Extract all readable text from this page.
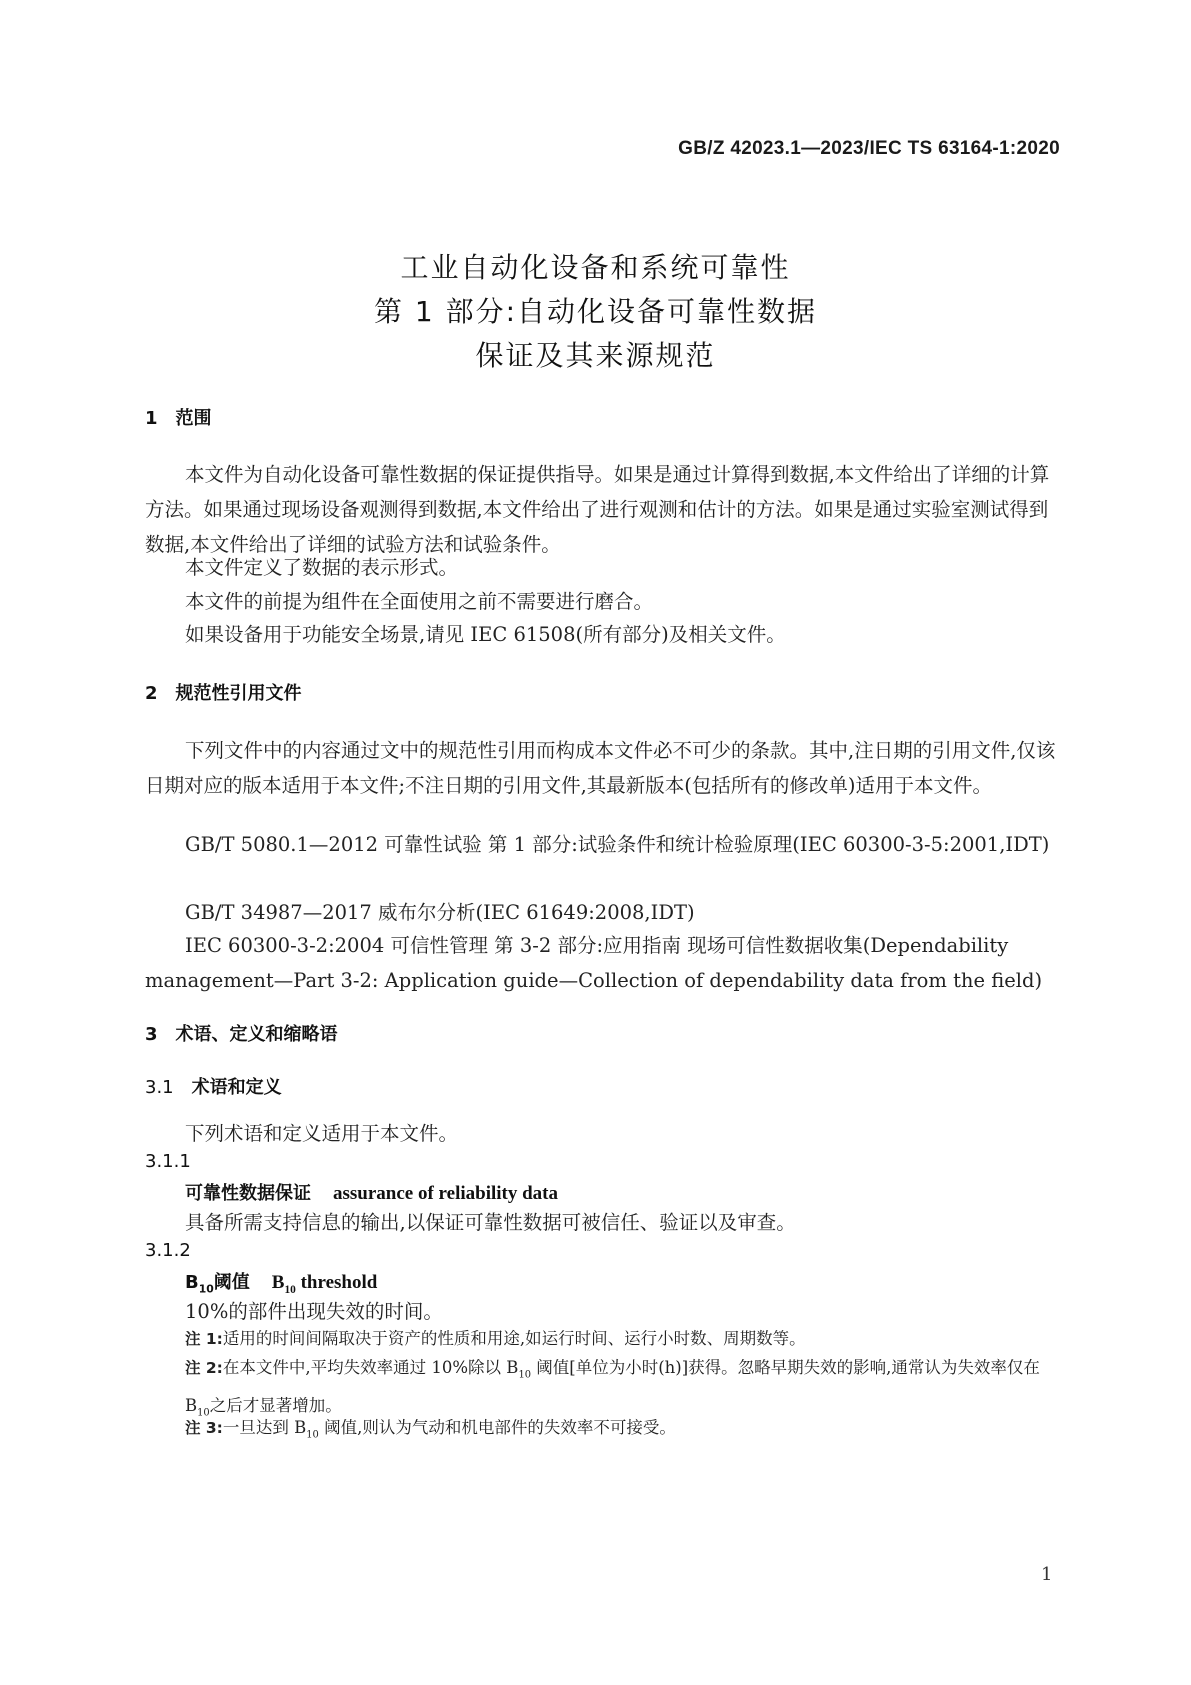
GB/Z 42023.1—2023/IEC TS 63164-1:2020
工业自动化设备和系统可靠性
第 1 部分:自动化设备可靠性数据
保证及其来源规范
1 范围
本文件为自动化设备可靠性数据的保证提供指导。如果是通过计算得到数据,本文件给出了详细的计算方法。如果通过现场设备观测得到数据,本文件给出了进行观测和估计的方法。如果是通过实验室测试得到数据,本文件给出了详细的试验方法和试验条件。
本文件定义了数据的表示形式。
本文件的前提为组件在全面使用之前不需要进行磨合。
如果设备用于功能安全场景,请见 IEC 61508(所有部分)及相关文件。
2 规范性引用文件
下列文件中的内容通过文中的规范性引用而构成本文件必不可少的条款。其中,注日期的引用文件,仅该日期对应的版本适用于本文件;不注日期的引用文件,其最新版本(包括所有的修改单)适用于本文件。
GB/T 5080.1—2012 可靠性试验 第 1 部分:试验条件和统计检验原理(IEC 60300-3-5:2001,IDT)
GB/T 34987—2017 威布尔分析(IEC 61649:2008,IDT)
IEC 60300-3-2:2004 可信性管理 第 3-2 部分:应用指南 现场可信性数据收集(Dependability management—Part 3-2: Application guide—Collection of dependability data from the field)
3 术语、定义和缩略语
3.1 术语和定义
下列术语和定义适用于本文件。
3.1.1
可靠性数据保证 assurance of reliability data
具备所需支持信息的输出,以保证可靠性数据可被信任、验证以及审查。
3.1.2
$B_{10}$阈值 $B_{10}$ threshold
10%的部件出现失效的时间。
注 1:适用的时间间隔取决于资产的性质和用途,如运行时间、运行小时数、周期数等。
注 2:在本文件中,平均失效率通过 10%除以 $B_{10}$ 阈值[单位为小时(h)]获得。忽略早期失效的影响,通常认为失效率仅在 $B_{10}$之后才显著增加。
注 3:一旦达到 $B_{10}$ 阈值,则认为气动和机电部件的失效率不可接受。
1
